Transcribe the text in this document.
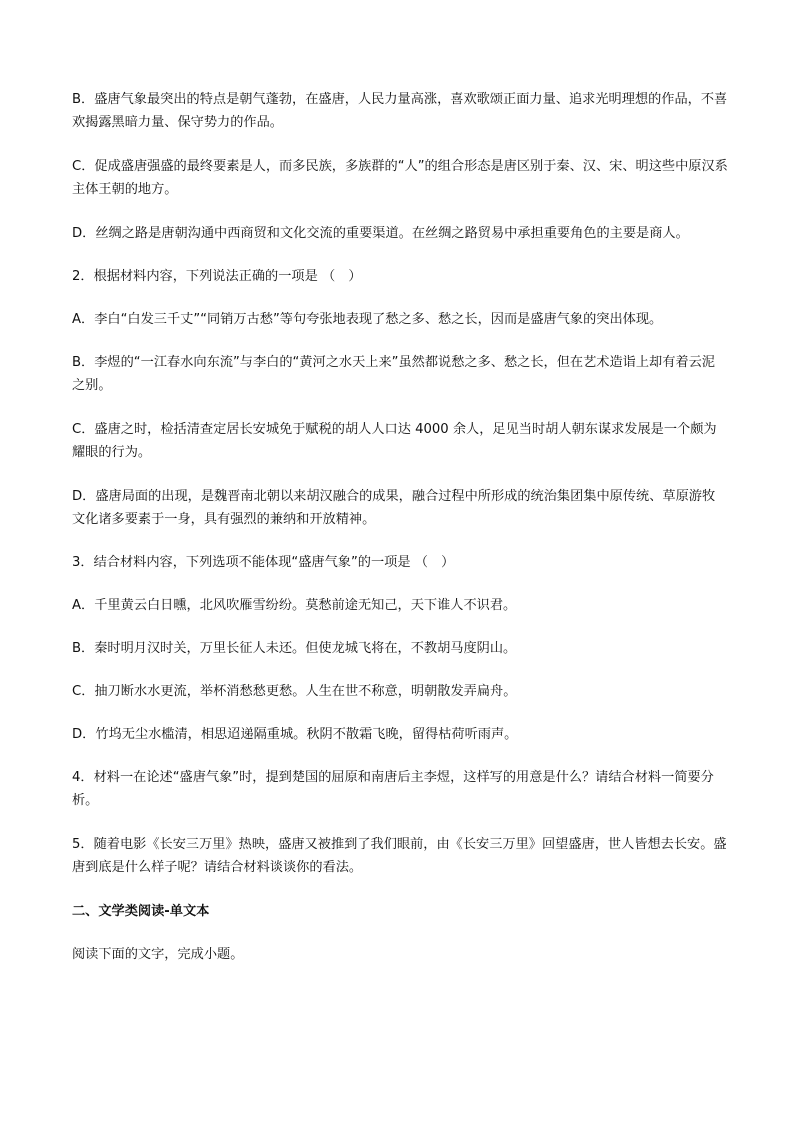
B．盛唐气象最突出的特点是朝气蓬勃，在盛唐，人民力量高涨，喜欢歌颂正面力量、追求光明理想的作品，不喜欢揭露黑暗力量、保守势力的作品。

C．促成盛唐强盛的最终要素是人，而多民族，多族群的“人”的组合形态是唐区别于秦、汉、宋、明这些中原汉系主体王朝的地方。

D．丝绸之路是唐朝沟通中西商贸和文化交流的重要渠道。在丝绸之路贸易中承担重要角色的主要是商人。

2．根据材料内容，下列说法正确的一项是 （　）

A．李白“白发三千丈”“同销万古愁”等句夸张地表现了愁之多、愁之长，因而是盛唐气象的突出体现。

B．李煜的“一江春水向东流”与李白的“黄河之水天上来”虽然都说愁之多、愁之长，但在艺术造诣上却有着云泥之别。

C．盛唐之时，检括清查定居长安城免于赋税的胡人人口达 4000 余人，足见当时胡人朝东谋求发展是一个颇为耀眼的行为。

D．盛唐局面的出现，是魏晋南北朝以来胡汉融合的成果，融合过程中所形成的统治集团集中原传统、草原游牧文化诸多要素于一身，具有强烈的兼纳和开放精神。

3．结合材料内容，下列选项不能体现“盛唐气象”的一项是 （　）

A．千里黄云白日曛，北风吹雁雪纷纷。莫愁前途无知己，天下谁人不识君。

B．秦时明月汉时关，万里长征人未还。但使龙城飞将在，不教胡马度阴山。

C．抽刀断水水更流，举杯消愁愁更愁。人生在世不称意，明朝散发弄扁舟。

D．竹坞无尘水槛清，相思迢递隔重城。秋阴不散霜飞晚，留得枯荷听雨声。

4．材料一在论述“盛唐气象”时，提到楚国的屈原和南唐后主李煜，这样写的用意是什么？请结合材料一简要分析。

5．随着电影《长安三万里》热映，盛唐又被推到了我们眼前，由《长安三万里》回望盛唐，世人皆想去长安。盛唐到底是什么样子呢？请结合材料谈谈你的看法。

二、文学类阅读-单文本

阅读下面的文字，完成小题。
